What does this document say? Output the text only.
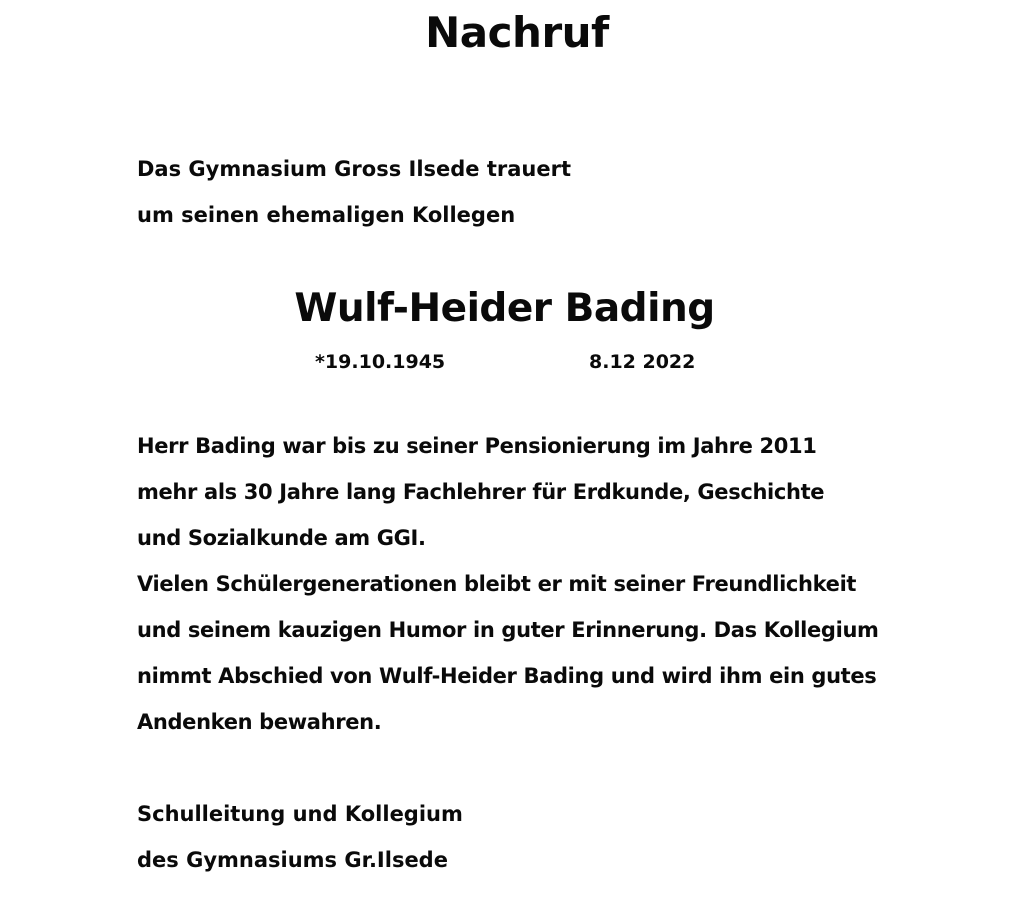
Nachruf
Das Gymnasium Gross Ilsede trauert
um seinen ehemaligen Kollegen
Wulf-Heider Bading
*19.10.1945	8.12 2022
Herr Bading war bis zu seiner Pensionierung im Jahre 2011
mehr als 30 Jahre lang Fachlehrer für Erdkunde, Geschichte
und Sozialkunde am GGI.
Vielen Schülergenerationen bleibt er mit seiner Freundlichkeit
und seinem kauzigen Humor in guter Erinnerung. Das Kollegium
nimmt Abschied von Wulf-Heider Bading und wird ihm ein gutes
Andenken bewahren.
Schulleitung und Kollegium
des Gymnasiums Gr.Ilsede
